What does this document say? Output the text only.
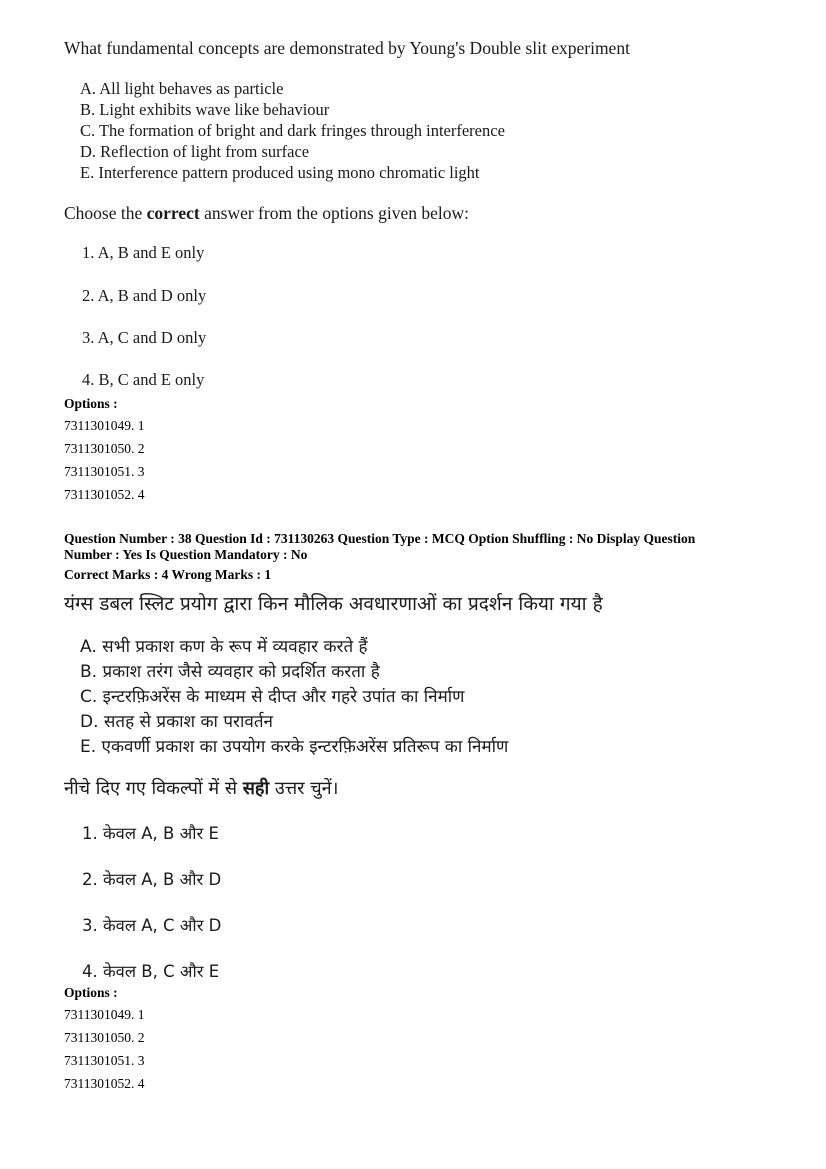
What fundamental concepts are demonstrated by Young's Double slit experiment
A. All light behaves as particle
B. Light exhibits wave like behaviour
C. The formation of bright and dark fringes through interference
D. Reflection of light from surface
E. Interference pattern produced using mono chromatic light
Choose the correct answer from the options given below:
1. A, B and E only
2. A, B and D only
3. A, C and D only
4. B, C and E only
Options :
7311301049. 1
7311301050. 2
7311301051. 3
7311301052. 4
Question Number : 38 Question Id : 731130263 Question Type : MCQ Option Shuffling : No Display Question
Number : Yes Is Question Mandatory : No
Correct Marks : 4 Wrong Marks : 1
यंग्स डबल स्लिट प्रयोग द्वारा किन मौलिक अवधारणाओं का प्रदर्शन किया गया है
A. सभी प्रकाश कण के रूप में व्यवहार करते हैं
B. प्रकाश तरंग जैसे व्यवहार को प्रदर्शित करता है
C. इन्टरफ़िअरेंस के माध्यम से दीप्त और गहरे उपांत का निर्माण
D. सतह से प्रकाश का परावर्तन
E. एकवर्णी प्रकाश का उपयोग करके इन्टरफ़िअरेंस प्रतिरूप का निर्माण
नीचे दिए गए विकल्पों में से सही उत्तर चुनें।
1. केवल A, B और E
2. केवल A, B और D
3. केवल A, C और D
4. केवल B, C और E
Options :
7311301049. 1
7311301050. 2
7311301051. 3
7311301052. 4
